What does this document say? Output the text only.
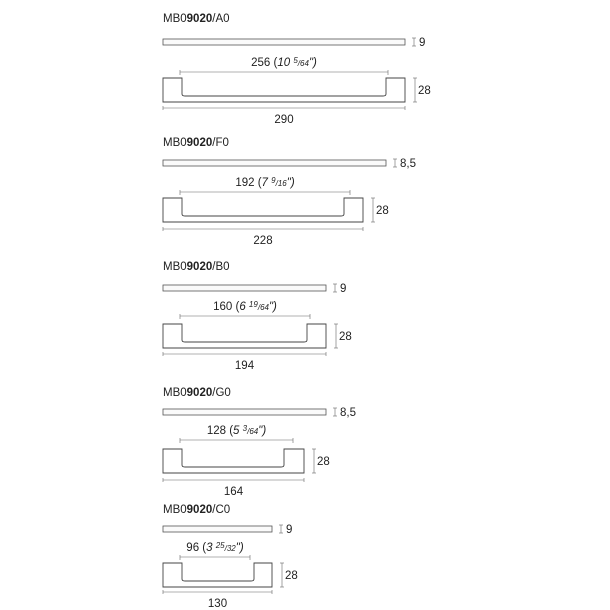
MB09020/A0
9
256 (10 $^5_/$64")
28
290
MB09020/F0
8,5
192 (7 $^9_/$16")
28
228
MB09020/B0
9
160 (6 $^{19}_/$64")
28
194
MB09020/G0
8,5
128 (5 $^3_/$64")
28
164
MB09020/C0
9
96 (3 $^{25}_/$32")
28
130
